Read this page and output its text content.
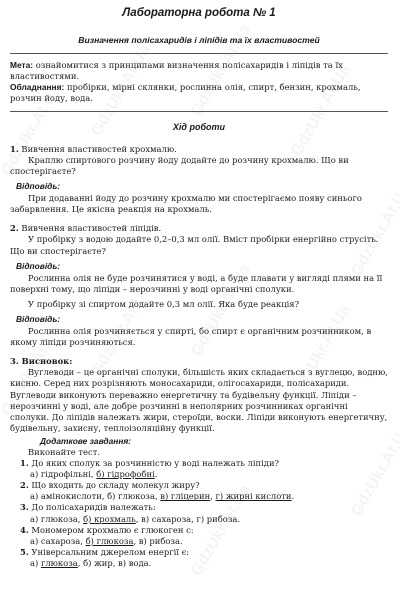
Лабораторна робота № 1
Визначення полісахаридів і ліпідів та їх властивостей

Мета: ознайомитися з принципами визначення полісахаридів і ліпідів та їх властивостями.

Обладнання: пробірки, мірні склянки, рослинна олія, спирт, бензин, крохмаль, розчин йоду, вода.

Хід роботи

1. Вивчення властивостей крохмалю.

Краплю спиртового розчину йоду додайте до розчину крохмалю. Що ви спостерігаєте?

Відповідь:

При додаванні йоду до розчину крохмалю ми спостерігаємо появу синього забарвлення. Це якісна реакція на крохмаль.

2. Вивчення властивостей ліпідів.

У пробірку з водою додайте 0,2–0,3 мл олії. Вміст пробірки енергійно струсіть. Що ви спостерігаєте?

Відповідь:

Рослинна олія не буде розчинятися у воді, а буде плавати у вигляді плями на її поверхні тому, що ліпіди – нерозчинні у воді органічні сполуки.

У пробірку зі спиртом додайте 0,3 мл олії. Яка буде реакція?

Відповідь:

Рослинна олія розчиняється у спирті, бо спирт є органічним розчинником, в якому ліпіди розчиняються.

3. Висновок:

Вуглеводи – це органічні сполуки, більшість яких складається з вуглецю, водню, кисню. Серед них розрізняють моносахариди, олігосахариди, полісахариди. Вуглеводи виконують переважно енергетичну та будівельну функції. Ліпіди – нерозчинні у воді, але добре розчинні в неполярних розчинниках органічні сполуки. До ліпідів належать жири, стероїди, воски. Ліпіди виконують енергетичну, будівельну, захисну, теплоізоляційну функції.

Додаткове завдання:

Виконайте тест.

1. До яких сполук за розчинністю у воді належать ліпіди?

а) гідрофільні, б) гідрофобні.

2. Що входить до складу молекул жиру?

а) амінокислоти, б) глюкоза, в) гліцерин, г) жирні кислоти.

3. До полісахаридів належать:

а) глюкоза, б) крохмаль, в) сахароза, г) рибоза.

4. Мономером крохмалю є глюкоген с:

а) сахароза, б) глюкоза, в) рибоза.

5. Універсальним джерелом енергії є:

а) глюкоза, б) жир, в) вода.
